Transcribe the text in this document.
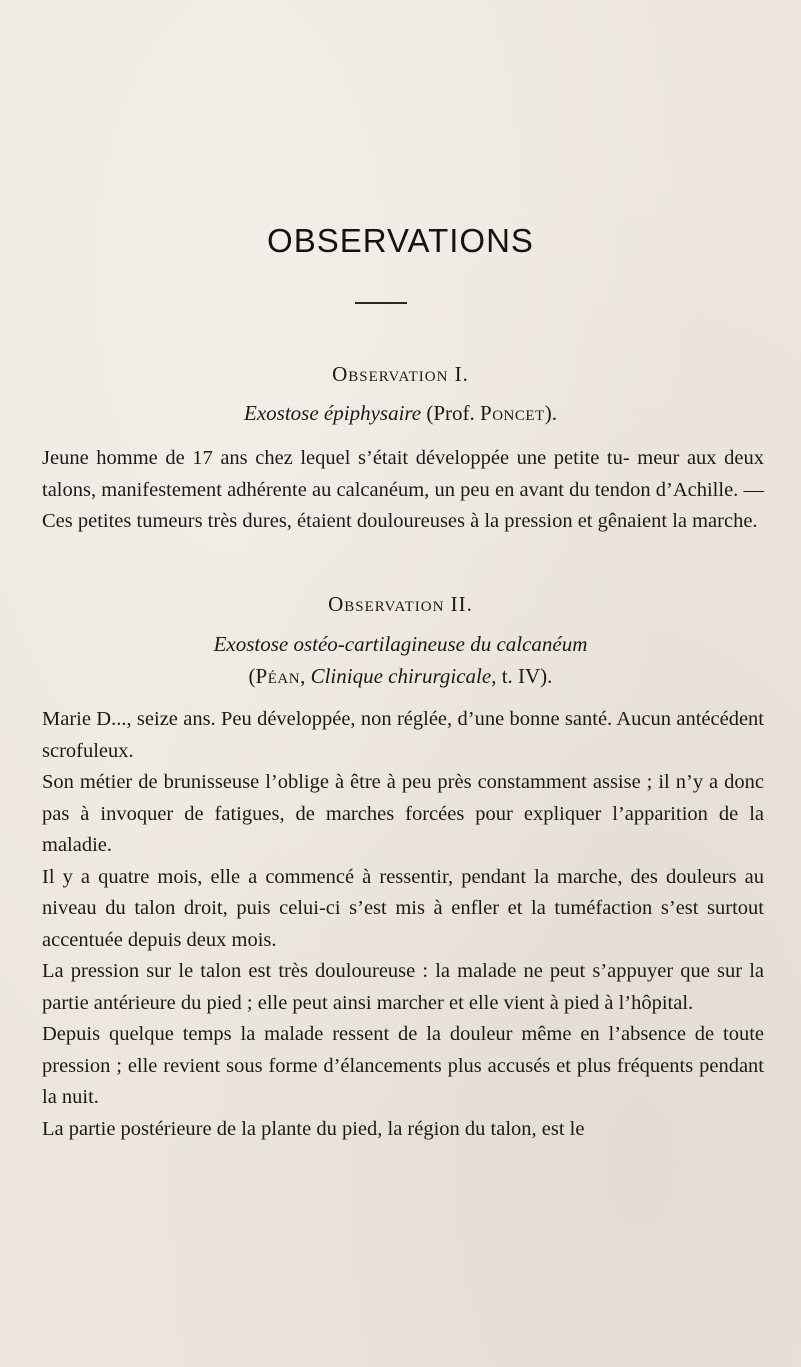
OBSERVATIONS
Observation I.
Exostose épiphysaire (Prof. Poncet).

Jeune homme de 17 ans chez lequel s’était développée une petite tu- meur aux deux talons, manifestement adhérente au calcanéum, un peu en avant du tendon d’Achille. — Ces petites tumeurs très dures, étaient douloureuses à la pression et gênaient la marche.

Observation II.
Exostose ostéo-cartilagineuse du calcanéum
(Péan, Clinique chirurgicale, t. IV).

Marie D..., seize ans. Peu développée, non réglée, d’une bonne santé. Aucun antécédent scrofuleux.

Son métier de brunisseuse l’oblige à être à peu près constamment assise ; il n’y a donc pas à invoquer de fatigues, de marches forcées pour expliquer l’apparition de la maladie.

Il y a quatre mois, elle a commencé à ressentir, pendant la marche, des douleurs au niveau du talon droit, puis celui-ci s’est mis à enfler et la tuméfaction s’est surtout accentuée depuis deux mois.

La pression sur le talon est très douloureuse : la malade ne peut s’appuyer que sur la partie antérieure du pied ; elle peut ainsi marcher et elle vient à pied à l’hôpital.

Depuis quelque temps la malade ressent de la douleur même en l’absence de toute pression ; elle revient sous forme d’élancements plus accusés et plus fréquents pendant la nuit.

La partie postérieure de la plante du pied, la région du talon, est le
